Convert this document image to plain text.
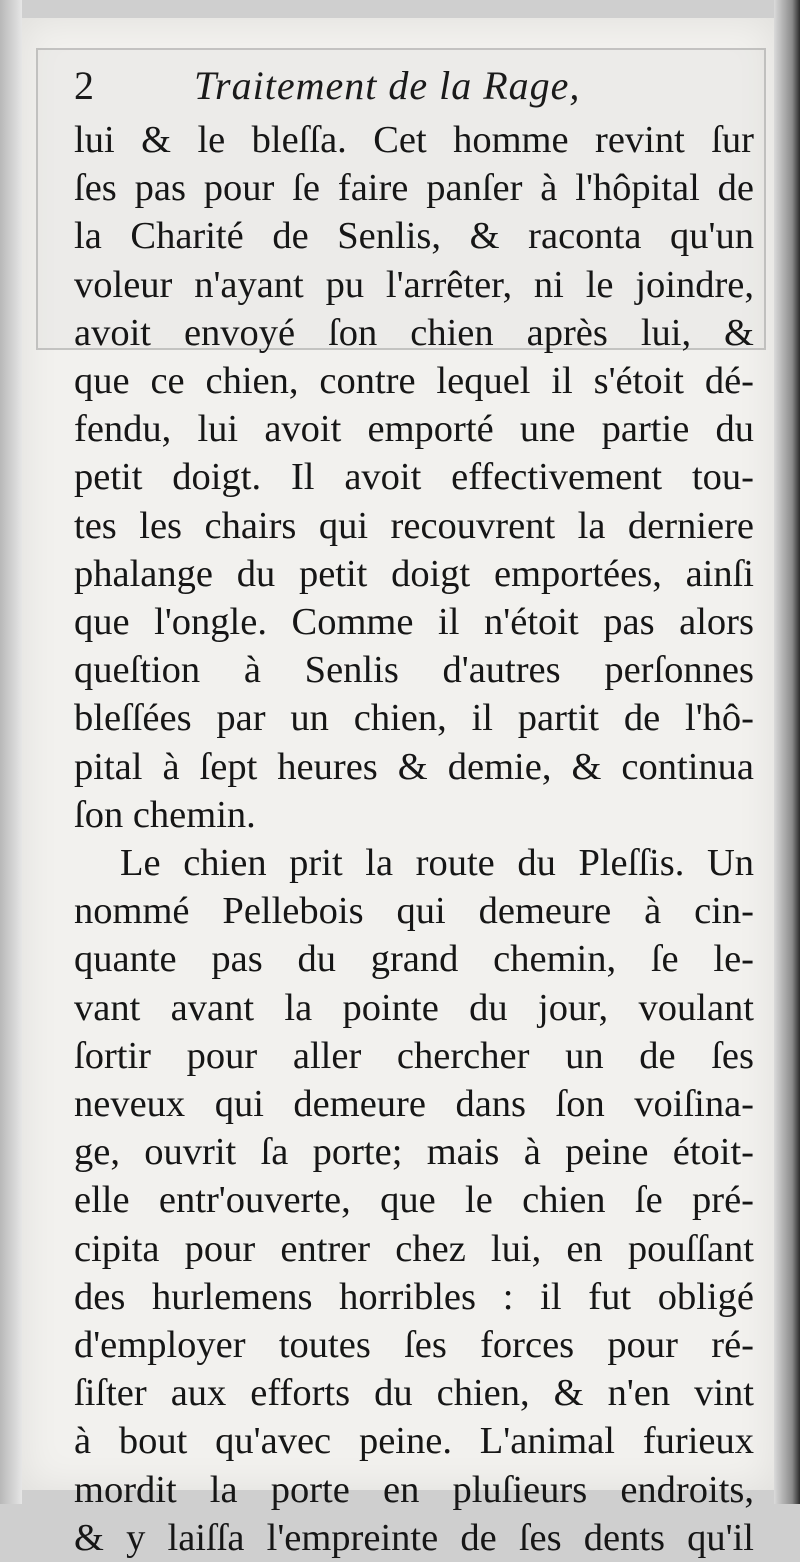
2	Traitement de la Rage,
lui & le bleſſa. Cet homme revint ſur
ſes pas pour ſe faire panſer à l'hôpital de
la Charité de Senlis, & raconta qu'un
voleur n'ayant pu l'arrêter, ni le joindre,
avoit envoyé ſon chien après lui, &
que ce chien, contre lequel il s'étoit dé-
fendu, lui avoit emporté une partie du
petit doigt. Il avoit effectivement tou-
tes les chairs qui recouvrent la derniere
phalange du petit doigt emportées, ainſi
que l'ongle. Comme il n'étoit pas alors
queſtion à Senlis d'autres perſonnes
bleſſées par un chien, il partit de l'hô-
pital à ſept heures & demie, & continua
ſon chemin.
Le chien prit la route du Pleſſis. Un
nommé Pellebois qui demeure à cin-
quante pas du grand chemin, ſe le-
vant avant la pointe du jour, voulant
ſortir pour aller chercher un de ſes
neveux qui demeure dans ſon voiſina-
ge, ouvrit ſa porte; mais à peine étoit-
elle entr'ouverte, que le chien ſe pré-
cipita pour entrer chez lui, en pouſſant
des hurlemens horribles : il fut obligé
d'employer toutes ſes forces pour ré-
ſiſter aux efforts du chien, & n'en vint
à bout qu'avec peine. L'animal furieux
mordit la porte en pluſieurs endroits,
& y laiſſa l'empreinte de ſes dents qu'il
